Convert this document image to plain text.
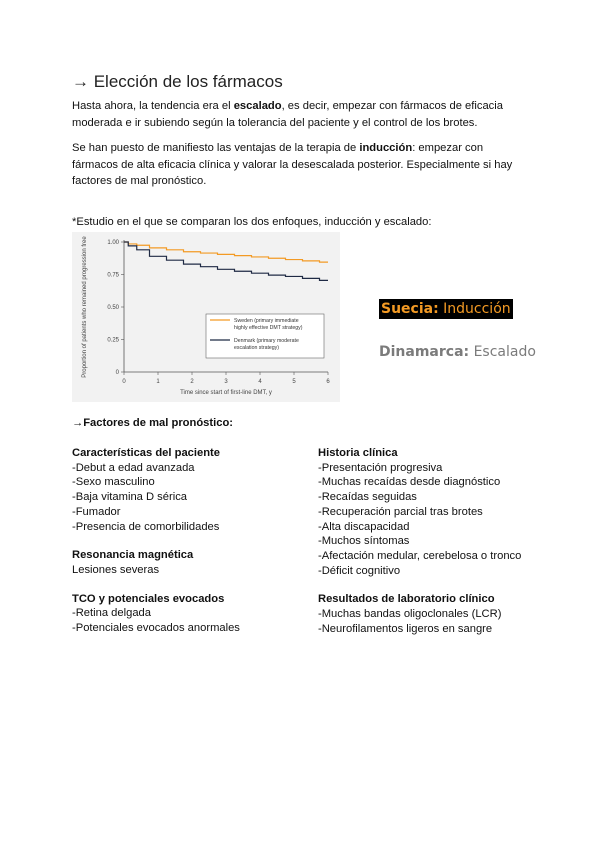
→ Elección de los fármacos

Hasta ahora, la tendencia era el escalado, es decir, empezar con fármacos de eficacia moderada e ir subiendo según la tolerancia del paciente y el control de los brotes.

Se han puesto de manifiesto las ventajas de la terapia de inducción: empezar con fármacos de alta eficacia clínica y valorar la desescalada posterior. Especialmente si hay factores de mal pronóstico.

*Estudio en el que se comparan los dos enfoques, inducción y escalado:
0
0.25
0.50
0.75
1.00
0	1	2	3	4	5	6
Time since start of first-line DMT, y
Proportion of patients who remained progression free	Sweden (primary immediate highly effective DMT strategy)
Denmark (primary moderate escalation strategy)
Suecia: Inducción
Dinamarca: Escalado
→Factores de mal pronóstico:
Características del paciente
-Debut a edad avanzada
-Sexo masculino
-Baja vitamina D sérica
-Fumador
-Presencia de comorbilidades
Resonancia magnética
Lesiones severas
TCO y potenciales evocados
-Retina delgada
-Potenciales evocados anormales
Historia clínica
-Presentación progresiva
-Muchas recaídas desde diagnóstico
-Recaídas seguidas
-Recuperación parcial tras brotes
-Alta discapacidad
-Muchos síntomas
-Afectación medular, cerebelosa o tronco
-Déficit cognitivo
Resultados de laboratorio clínico
-Muchas bandas oligoclonales (LCR)
-Neurofilamentos ligeros en sangre
